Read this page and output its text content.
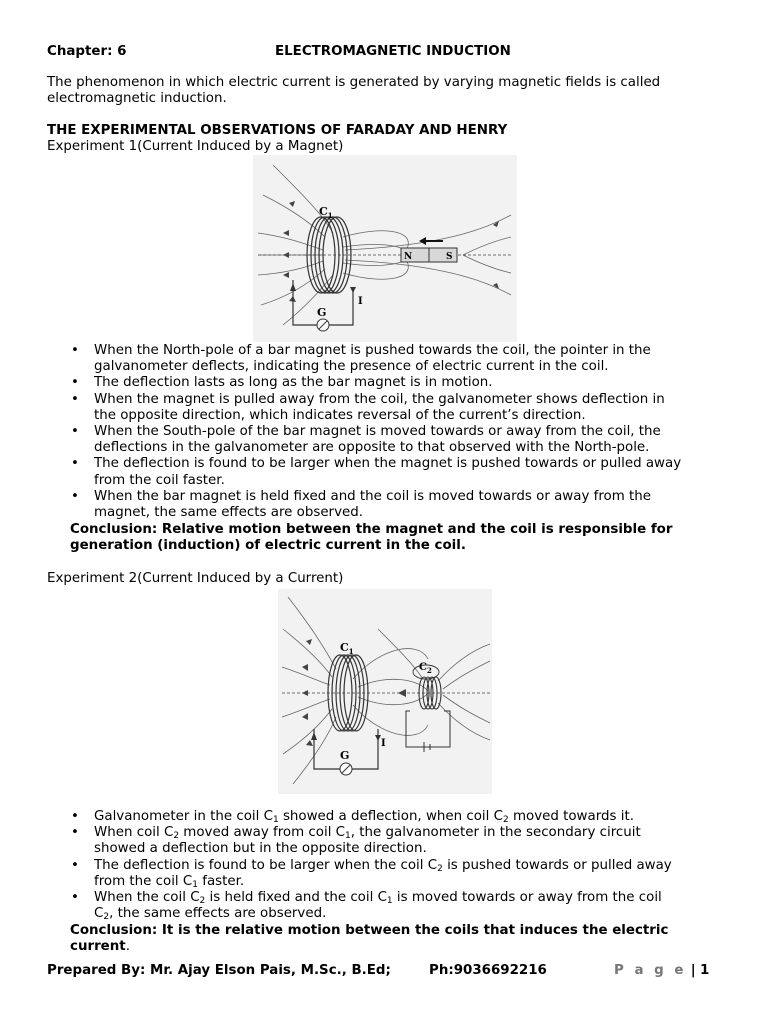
Chapter: 6	ELECTROMAGNETIC INDUCTION
The phenomenon in which electric current is generated by varying magnetic fields is called
electromagnetic induction.
THE EXPERIMENTAL OBSERVATIONS OF FARADAY AND HENRY
Experiment 1(Current Induced by a Magnet)
$C_1$
N	S
G
I
• When the North-pole of a bar magnet is pushed towards the coil, the pointer in the
galvanometer deflects, indicating the presence of electric current in the coil.
• The deflection lasts as long as the bar magnet is in motion.
• When the magnet is pulled away from the coil, the galvanometer shows deflection in
the opposite direction, which indicates reversal of the current’s direction.
• When the South-pole of the bar magnet is moved towards or away from the coil, the
deflections in the galvanometer are opposite to that observed with the North-pole.
• The deflection is found to be larger when the magnet is pushed towards or pulled away
from the coil faster.
• When the bar magnet is held fixed and the coil is moved towards or away from the
magnet, the same effects are observed.
Conclusion: Relative motion between the magnet and the coil is responsible for
generation (induction) of electric current in the coil.
Experiment 2(Current Induced by a Current)
$C_1$
$C_2$
G
I
• Galvanometer in the coil $C_1$ showed a deflection, when coil $C_2$ moved towards it.
• When coil $C_2$ moved away from coil $C_1$, the galvanometer in the secondary circuit
showed a deflection but in the opposite direction.
• The deflection is found to be larger when the coil $C_2$ is pushed towards or pulled away
from the coil $C_1$ faster.
• When the coil $C_2$ is held fixed and the coil $C_1$ is moved towards or away from the coil
$C_2$, the same effects are observed.
Conclusion: It is the relative motion between the coils that induces the electric
current.
Prepared By: Mr. Ajay Elson Pais, M.Sc., B.Ed;	Ph:9036692216	P a g e | 1
